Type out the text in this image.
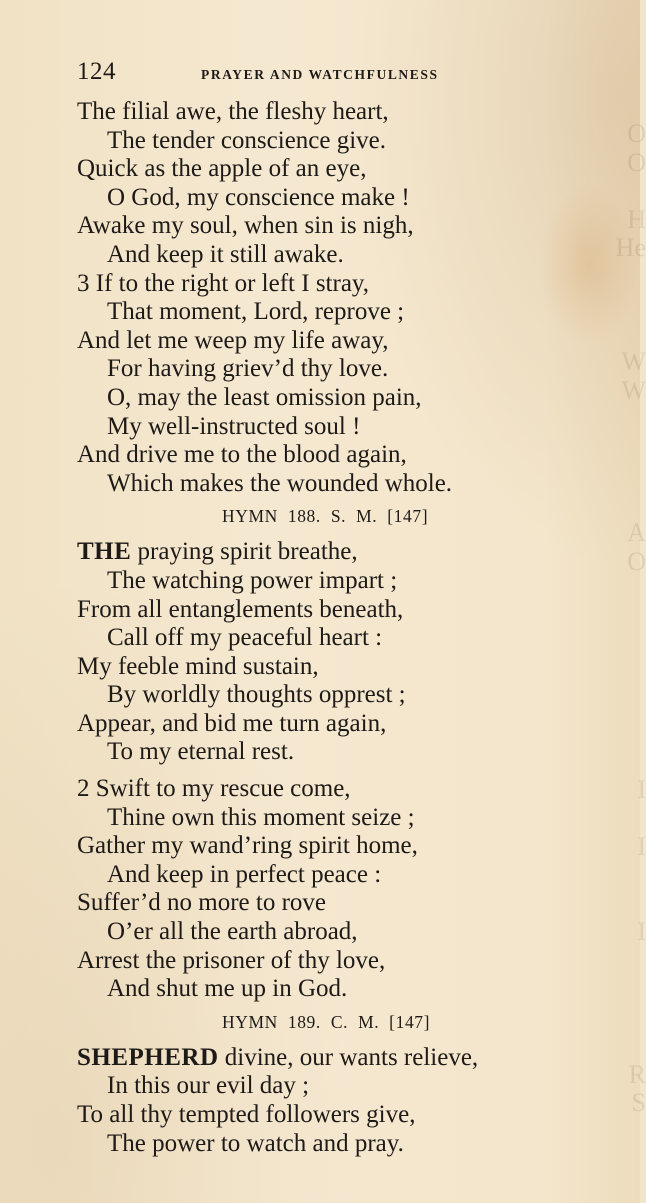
O
O

H
He

W
W

A
O

I

I

I

R
S
124	PRAYER AND WATCHFULNESS
The filial awe, the fleshy heart,
The tender conscience give.
Quick as the apple of an eye,
O God, my conscience make !
Awake my soul, when sin is nigh,
And keep it still awake.
3 If to the right or left I stray,
That moment, Lord, reprove ;
And let me weep my life away,
For having griev’d thy love.
O, may the least omission pain,
My well-instructed soul !
And drive me to the blood again,
Which makes the wounded whole.
HYMN 188. S. M. [147]
THE praying spirit breathe,
The watching power impart ;
From all entanglements beneath,
Call off my peaceful heart :
My feeble mind sustain,
By worldly thoughts opprest ;
Appear, and bid me turn again,
To my eternal rest.
2 Swift to my rescue come,
Thine own this moment seize ;
Gather my wand’ring spirit home,
And keep in perfect peace :
Suffer’d no more to rove
O’er all the earth abroad,
Arrest the prisoner of thy love,
And shut me up in God.
HYMN 189. C. M. [147]
SHEPHERD divine, our wants relieve,
In this our evil day ;
To all thy tempted followers give,
The power to watch and pray.
